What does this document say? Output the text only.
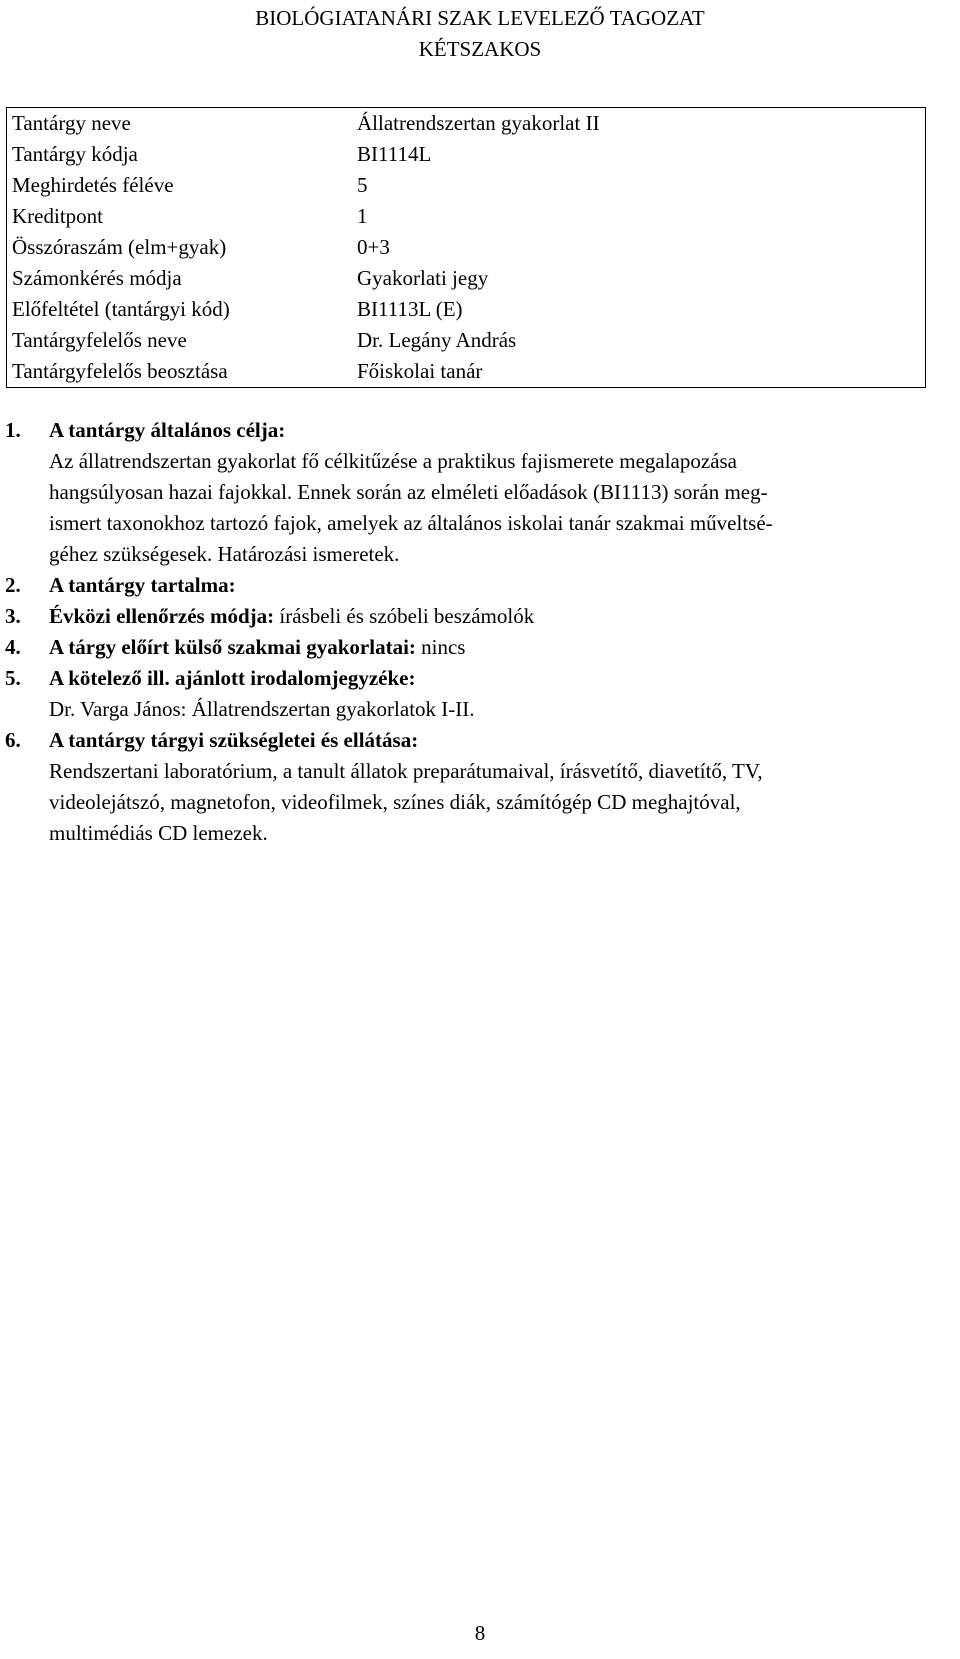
BIOLÓGIATANÁRI SZAK LEVELEZŐ TAGOZAT
KÉTSZAKOS
Tantárgy neve	Állatrendszertan gyakorlat II
Tantárgy kódja	BI1114L
Meghirdetés féléve	5
Kreditpont	1
Összóraszám (elm+gyak)	0+3
Számonkérés módja	Gyakorlati jegy
Előfeltétel (tantárgyi kód)	BI1113L (E)
Tantárgyfelelős neve	Dr. Legány András
Tantárgyfelelős beosztása	Főiskolai tanár
1. A tantárgy általános célja:
Az állatrendszertan gyakorlat fő célkitűzése a praktikus fajismerete megalapozása
hangsúlyosan hazai fajokkal. Ennek során az elméleti előadások (BI1113) során meg-
ismert taxonokhoz tartozó fajok, amelyek az általános iskolai tanár szakmai műveltsé-
géhez szükségesek. Határozási ismeretek.
2. A tantárgy tartalma:
3. Évközi ellenőrzés módja: írásbeli és szóbeli beszámolók
4. A tárgy előírt külső szakmai gyakorlatai: nincs
5. A kötelező ill. ajánlott irodalomjegyzéke:
Dr. Varga János: Állatrendszertan gyakorlatok I-II.
6. A tantárgy tárgyi szükségletei és ellátása:
Rendszertani laboratórium, a tanult állatok preparátumaival, írásvetítő, diavetítő, TV,
videolejátszó, magnetofon, videofilmek, színes diák, számítógép CD meghajtóval,
multimédiás CD lemezek.
8
